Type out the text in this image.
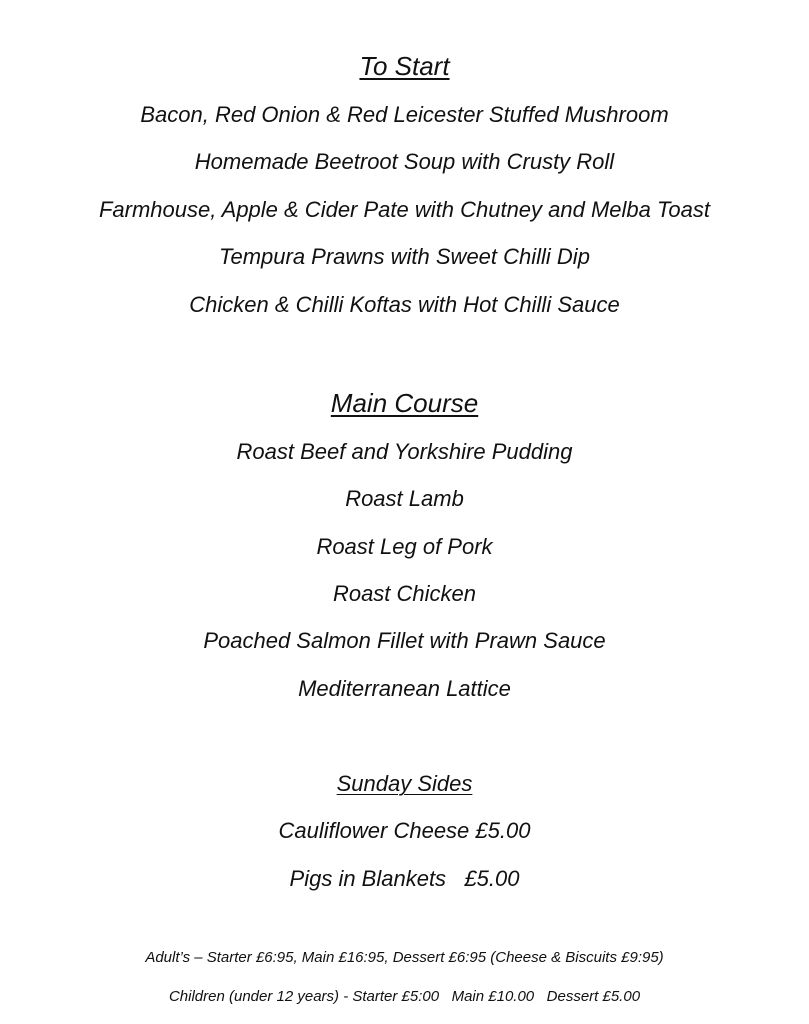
To Start
Bacon, Red Onion & Red Leicester Stuffed Mushroom
Homemade Beetroot Soup with Crusty Roll
Farmhouse, Apple & Cider Pate with Chutney and Melba Toast
Tempura Prawns with Sweet Chilli Dip
Chicken & Chilli Koftas with Hot Chilli Sauce
Main Course
Roast Beef and Yorkshire Pudding
Roast Lamb
Roast Leg of Pork
Roast Chicken
Poached Salmon Fillet with Prawn Sauce
Mediterranean Lattice
Sunday Sides
Cauliflower Cheese £5.00
Pigs in Blankets   £5.00
Adult’s – Starter £6:95, Main £16:95, Dessert £6:95 (Cheese & Biscuits £9:95)
Children (under 12 years) - Starter £5:00   Main £10.00   Dessert £5.00
